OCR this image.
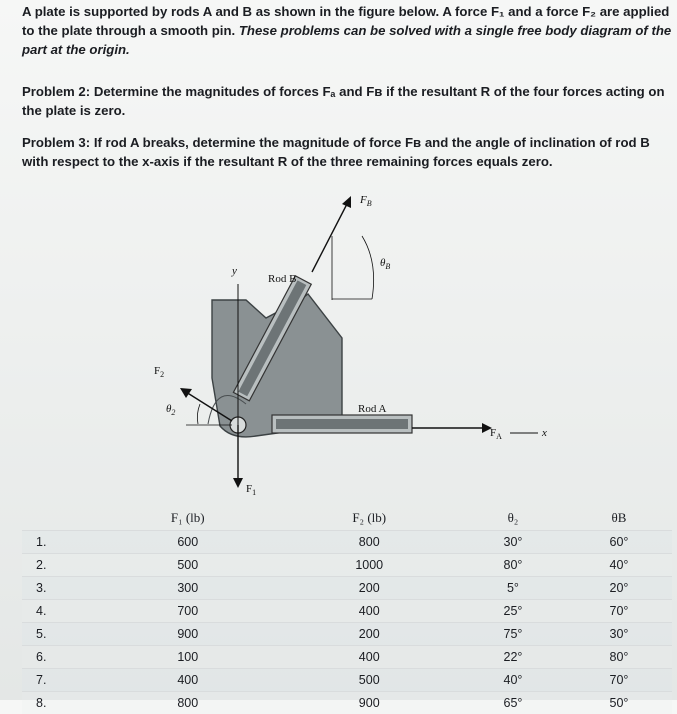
A plate is supported by rods A and B as shown in the figure below. A force F₁ and a force F₂ are applied
to the plate through a smooth pin. These problems can be solved with a single free body diagram of the
part at the origin.
Problem 2: Determine the magnitudes of forces Fₐ and Fʙ if the resultant R of the four forces acting on
the plate is zero.
Problem 3: If rod A breaks, determine the magnitude of force Fʙ and the angle of inclination of rod B
with respect to the x-axis if the resultant R of the three remaining forces equals zero.
$F_B$
$\theta_B$
y
Rod B
$F_2$
$\theta_2$	Rod A
$F_A$	x
$F_1$
	F₁ (lb)	F₂ (lb)	θ₂	θB
1.	600	800	30°	60°
2.	500	1000	80°	40°
3.	300	200	5°	20°
4.	700	400	25°	70°
5.	900	200	75°	30°
6.	100	400	22°	80°
7.	400	500	40°	70°
8.	800	900	65°	50°
